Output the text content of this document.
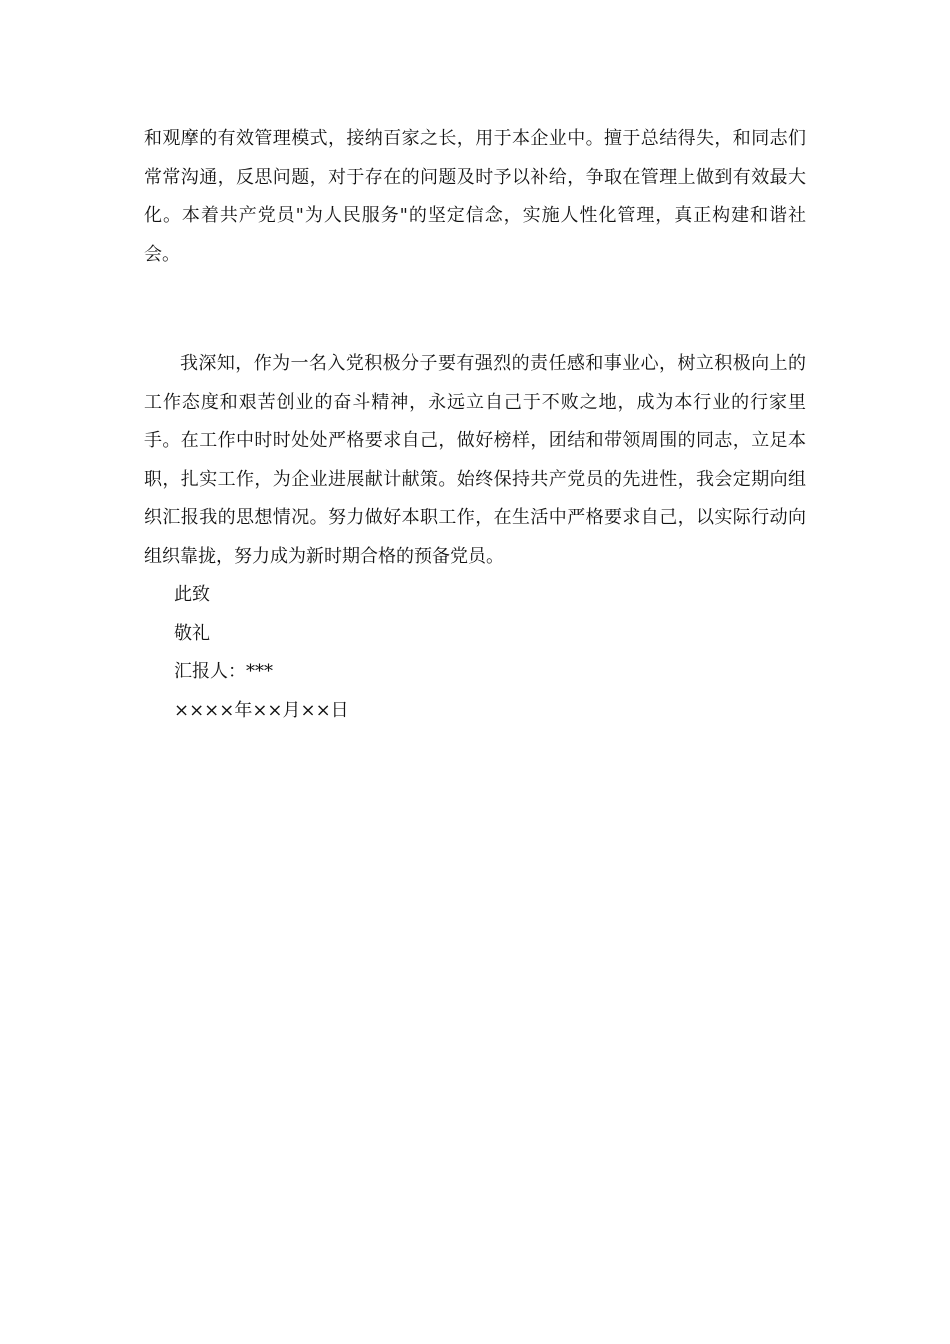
和观摩的有效管理模式，接纳百家之长，用于本企业中。擅于总结得失，和同志们常常沟通，反思问题，对于存在的问题及时予以补给，争取在管理上做到有效最大化。本着共产党员"为人民服务"的坚定信念，实施人性化管理，真正构建和谐社会。

我深知，作为一名入党积极分子要有强烈的责任感和事业心，树立积极向上的工作态度和艰苦创业的奋斗精神，永远立自己于不败之地，成为本行业的行家里手。在工作中时时处处严格要求自己，做好榜样，团结和带领周围的同志，立足本职，扎实工作，为企业进展献计献策。始终保持共产党员的先进性，我会定期向组织汇报我的思想情况。努力做好本职工作，在生活中严格要求自己，以实际行动向组织靠拢，努力成为新时期合格的预备党员。

此致

敬礼

汇报人：***

××××年××月××日
